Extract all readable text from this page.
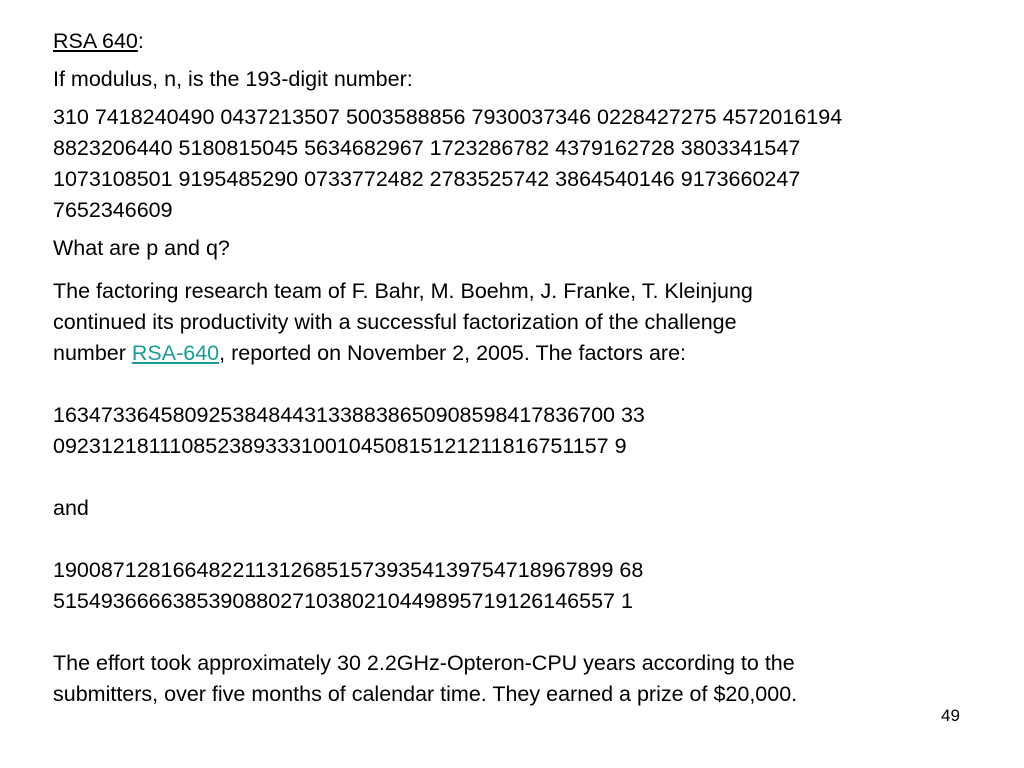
RSA 640:

If modulus, n, is the 193-digit number:

310 7418240490 0437213507 5003588856 7930037346 0228427275 4572016194

8823206440 5180815045 5634682967 1723286782 4379162728 3803341547

1073108501 9195485290 0733772482 2783525742 3864540146 9173660247

7652346609

What are p and q?

The factoring research team of F. Bahr, M. Boehm, J. Franke, T. Kleinjung

continued its productivity with a successful factorization of the challenge

number RSA-640, reported on November 2, 2005. The factors are:

16347336458092538484431338838650908598417836700 33

09231218111085238933310010450815121211816751157 9

and

19008712816648221131268515739354139754718967899 68

51549366663853908802710380210449895719126146557 1

The effort took approximately 30 2.2GHz-Opteron-CPU years according to the

submitters, over five months of calendar time. They earned a prize of $20,000.

49
